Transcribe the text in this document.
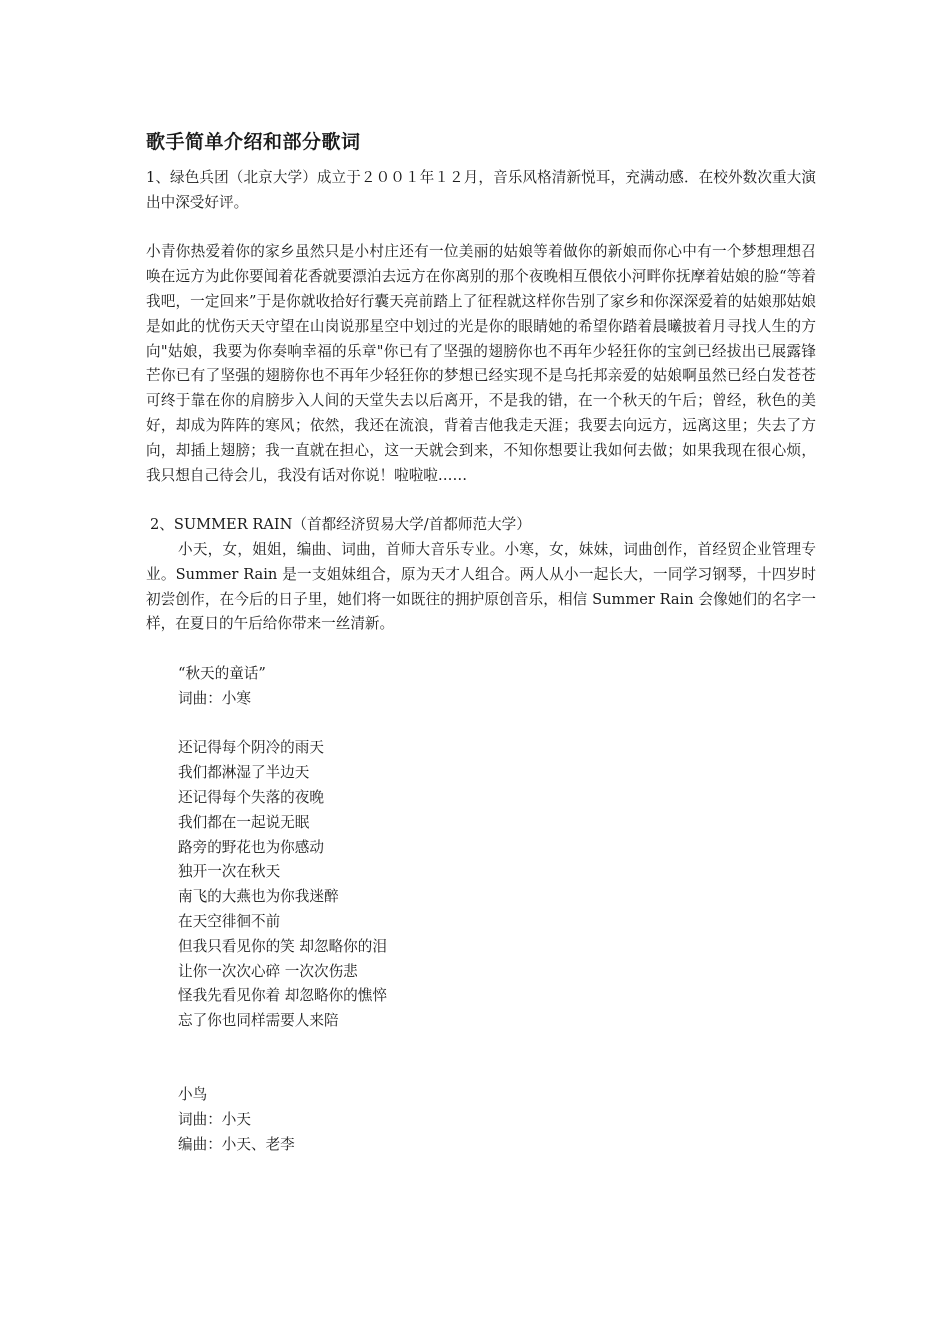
歌手简单介绍和部分歌词

1、绿色兵团（北京大学）成立于２００１年１２月，音乐风格清新悦耳，充满动感．在校外数次重大演出中深受好评。

小青你热爱着你的家乡虽然只是小村庄还有一位美丽的姑娘等着做你的新娘而你心中有一个梦想理想召唤在远方为此你要闻着花香就要漂泊去远方在你离别的那个夜晚相互偎依小河畔你抚摩着姑娘的脸“等着我吧，一定回来”于是你就收拾好行囊天亮前踏上了征程就这样你告别了家乡和你深深爱着的姑娘那姑娘是如此的忧伤天天守望在山岗说那星空中划过的光是你的眼睛她的希望你踏着晨曦披着月寻找人生的方向"姑娘，我要为你奏响幸福的乐章"你已有了坚强的翅膀你也不再年少轻狂你的宝剑已经拔出已展露锋芒你已有了坚强的翅膀你也不再年少轻狂你的梦想已经实现不是乌托邦亲爱的姑娘啊虽然已经白发苍苍可终于靠在你的肩膀步入人间的天堂失去以后离开，不是我的错，在一个秋天的午后；曾经，秋色的美好，却成为阵阵的寒风；依然，我还在流浪，背着吉他我走天涯；我要去向远方，远离这里；失去了方向，却插上翅膀；我一直就在担心，这一天就会到来，不知你想要让我如何去做；如果我现在很心烦，我只想自己待会儿，我没有话对你说！啦啦啦……

2、SUMMER RAIN（首都经济贸易大学/首都师范大学）

小天，女，姐姐，编曲、词曲，首师大音乐专业。小寒，女，妹妹，词曲创作，首经贸企业管理专业。Summer Rain 是一支姐妹组合，原为天才人组合。两人从小一起长大，一同学习钢琴，十四岁时初尝创作，在今后的日子里，她们将一如既往的拥护原创音乐，相信 Summer Rain 会像她们的名字一样，在夏日的午后给你带来一丝清新。

“秋天的童话”
词曲：小寒
还记得每个阴冷的雨天
我们都淋湿了半边天
还记得每个失落的夜晚
我们都在一起说无眠
路旁的野花也为你感动
独开一次在秋天
南飞的大燕也为你我迷醉
在天空徘徊不前
但我只看见你的笑 却忽略你的泪
让你一次次心碎 一次次伤悲
怪我先看见你着 却忽略你的憔悴
忘了你也同样需要人来陪
小鸟
词曲：小天
编曲：小天、老李
